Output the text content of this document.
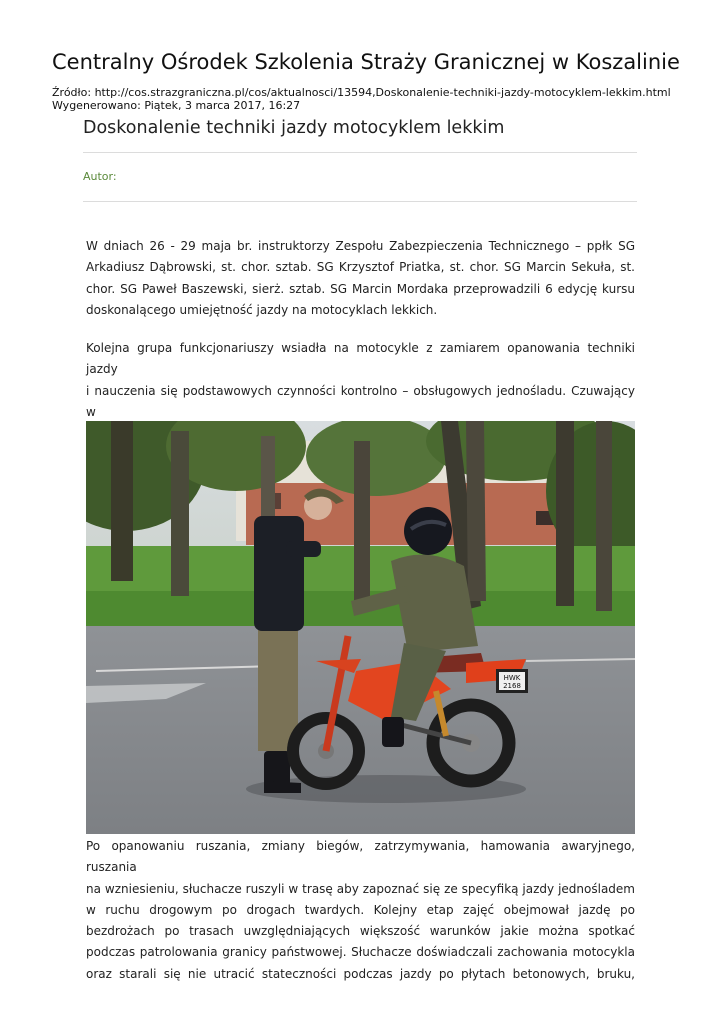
Centralny Ośrodek Szkolenia Straży Granicznej w Koszalinie
Źródło: http://cos.strazgraniczna.pl/cos/aktualnosci/13594,Doskonalenie-techniki-jazdy-motocyklem-lekkim.html
Wygenerowano: Piątek, 3 marca 2017, 16:27
Doskonalenie techniki jazdy motocyklem lekkim
Autor:
W dniach 26 - 29 maja br. instruktorzy Zespołu Zabezpieczenia Technicznego – ppłk SG
Arkadiusz Dąbrowski, st. chor. sztab. SG Krzysztof Priatka, st. chor. SG Marcin Sekuła, st.
chor. SG Paweł Baszewski, sierż. sztab. SG Marcin Mordaka przeprowadzili 6 edycję kursu
doskonalącego umiejętność jazdy na motocyklach lekkich.
Kolejna grupa funkcjonariuszy wsiadła na motocykle z zamiarem opanowania techniki jazdy
i nauczenia się podstawowych czynności kontrolno – obsługowych jednośladu. Czuwający w
HWK
2168
Po opanowaniu ruszania, zmiany biegów, zatrzymywania, hamowania awaryjnego, ruszania
na wzniesieniu, słuchacze ruszyli w trasę aby zapoznać się ze specyfiką jazdy jednośladem
w ruchu drogowym po drogach twardych. Kolejny etap zajęć obejmował jazdę po
bezdrożach po trasach uwzględniających większość warunków jakie można spotkać
podczas patrolowania granicy państwowej. Słuchacze doświadczali zachowania motocykla
oraz starali się nie utracić stateczności podczas jazdy po płytach betonowych, bruku,
